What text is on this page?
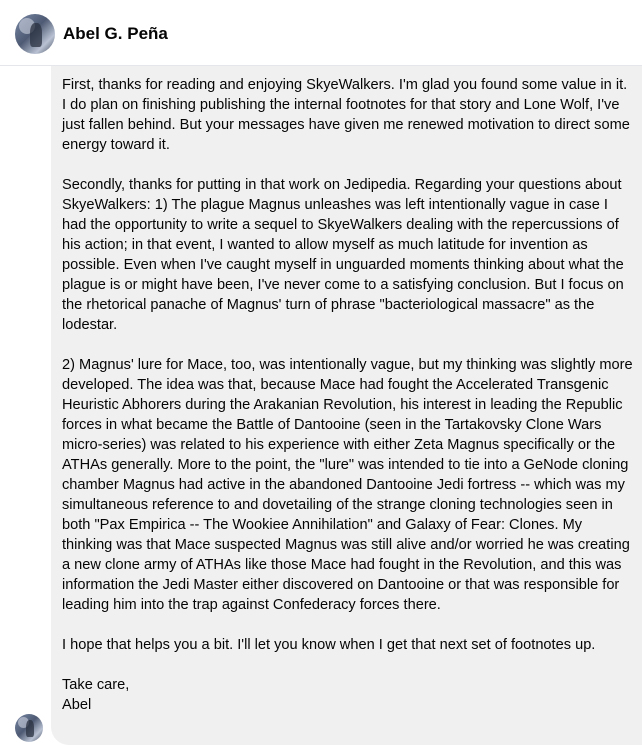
Abel G. Peña

First, thanks for reading and enjoying SkyeWalkers. I'm glad you found some value in it. I do plan on finishing publishing the internal footnotes for that story and Lone Wolf, I've just fallen behind. But your messages have given me renewed motivation to direct some energy toward it.

Secondly, thanks for putting in that work on Jedipedia. Regarding your questions about SkyeWalkers: 1) The plague Magnus unleashes was left intentionally vague in case I had the opportunity to write a sequel to SkyeWalkers dealing with the repercussions of his action; in that event, I wanted to allow myself as much latitude for invention as possible. Even when I've caught myself in unguarded moments thinking about what the plague is or might have been, I've never come to a satisfying conclusion. But I focus on the rhetorical panache of Magnus' turn of phrase "bacteriological massacre" as the lodestar.

2) Magnus' lure for Mace, too, was intentionally vague, but my thinking was slightly more developed. The idea was that, because Mace had fought the Accelerated Transgenic Heuristic Abhorers during the Arakanian Revolution, his interest in leading the Republic forces in what became the Battle of Dantooine (seen in the Tartakovsky Clone Wars micro-series) was related to his experience with either Zeta Magnus specifically or the ATHAs generally. More to the point, the "lure" was intended to tie into a GeNode cloning chamber Magnus had active in the abandoned Dantooine Jedi fortress -- which was my simultaneous reference to and dovetailing of the strange cloning technologies seen in both "Pax Empirica -- The Wookiee Annihilation" and Galaxy of Fear: Clones. My thinking was that Mace suspected Magnus was still alive and/or worried he was creating a new clone army of ATHAs like those Mace had fought in the Revolution, and this was information the Jedi Master either discovered on Dantooine or that was responsible for leading him into the trap against Confederacy forces there.

I hope that helps you a bit. I'll let you know when I get that next set of footnotes up.

Take care,
Abel
